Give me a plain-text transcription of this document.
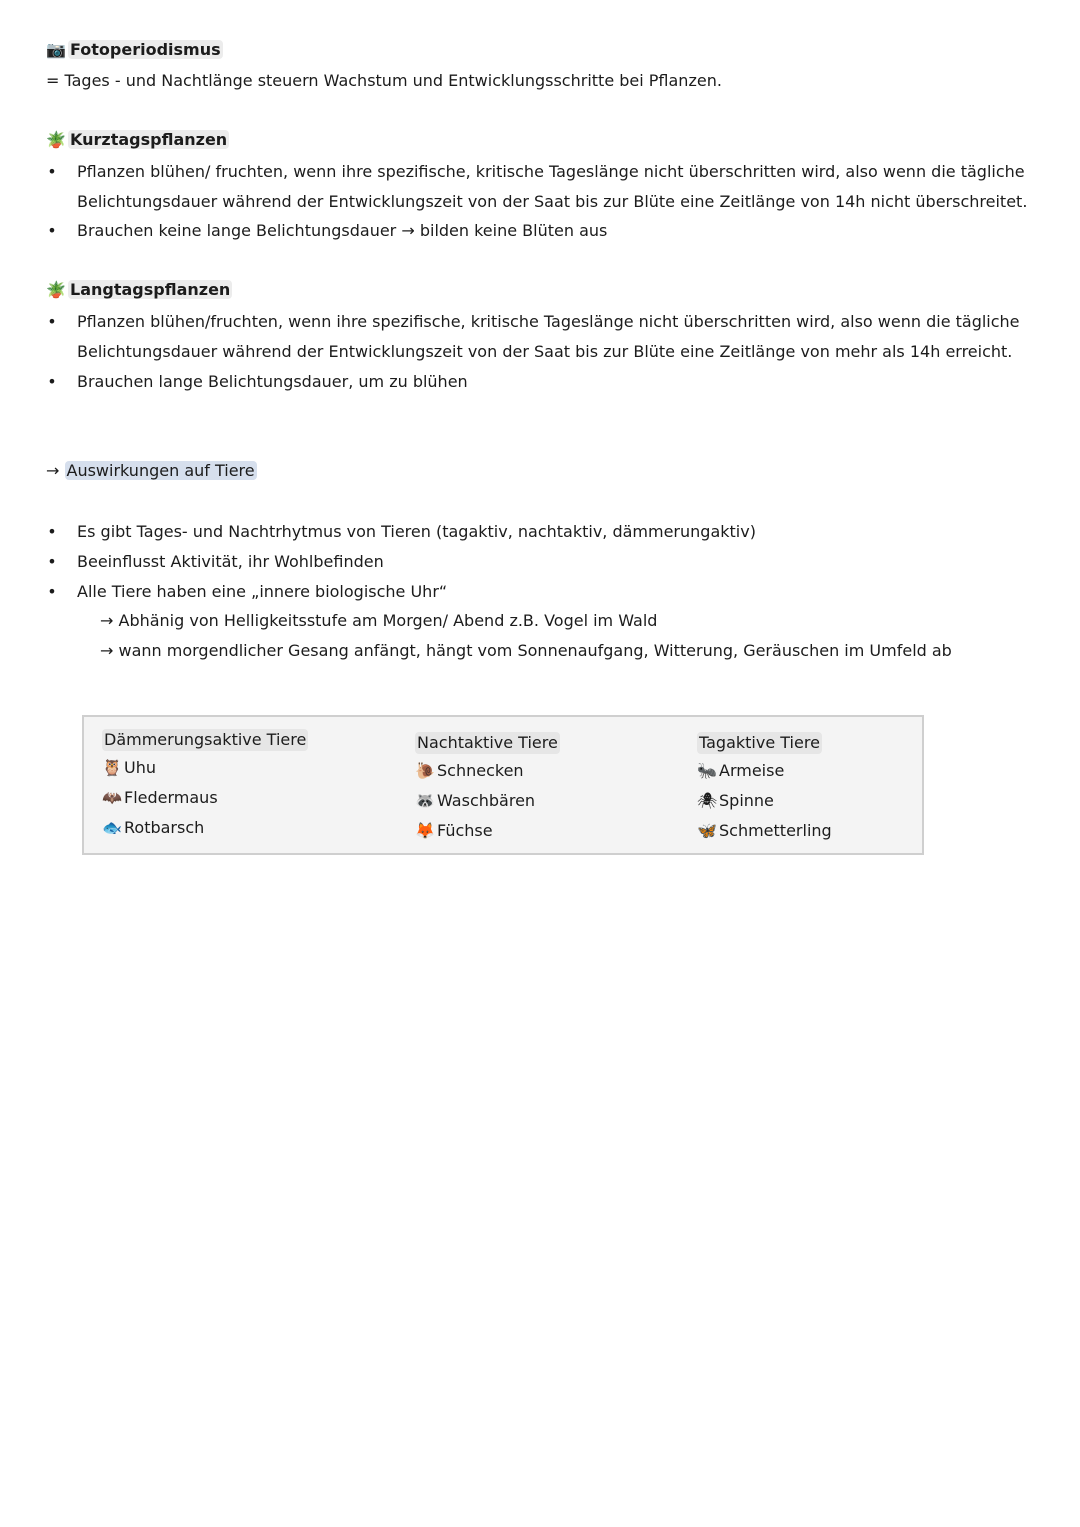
📷 Fotoperiodismus
= Tages - und Nachtlänge steuern Wachstum und Entwicklungsschritte bei Pflanzen.
🪴 Kurztagspflanzen
• Pflanzen blühen/ fruchten, wenn ihre spezifische, kritische Tageslänge nicht überschritten wird, also wenn die tägliche
Belichtungsdauer während der Entwicklungszeit von der Saat bis zur Blüte eine Zeitlänge von 14h nicht überschreitet.
• Brauchen keine lange Belichtungsdauer → bilden keine Blüten aus
🪴 Langtagspflanzen
• Pflanzen blühen/fruchten, wenn ihre spezifische, kritische Tageslänge nicht überschritten wird, also wenn die tägliche
Belichtungsdauer während der Entwicklungszeit von der Saat bis zur Blüte eine Zeitlänge von mehr als 14h erreicht.
• Brauchen lange Belichtungsdauer, um zu blühen
→ Auswirkungen auf Tiere
• Es gibt Tages- und Nachtrhytmus von Tieren (tagaktiv, nachtaktiv, dämmerungaktiv)
• Beeinflusst Aktivität, ihr Wohlbefinden
• Alle Tiere haben eine „innere biologische Uhr“
→ Abhänig von Helligkeitsstufe am Morgen/ Abend z.B. Vogel im Wald
→ wann morgendlicher Gesang anfängt, hängt vom Sonnenaufgang, Witterung, Geräuschen im Umfeld ab
Dämmerungsaktive Tiere
🦉 Uhu
🦇 Fledermaus
🐟 Rotbarsch
Nachtaktive Tiere
🐌 Schnecken
🦝 Waschbären
🦊 Füchse
Tagaktive Tiere
🐜 Armeise
🕷 Spinne
🦋 Schmetterling
